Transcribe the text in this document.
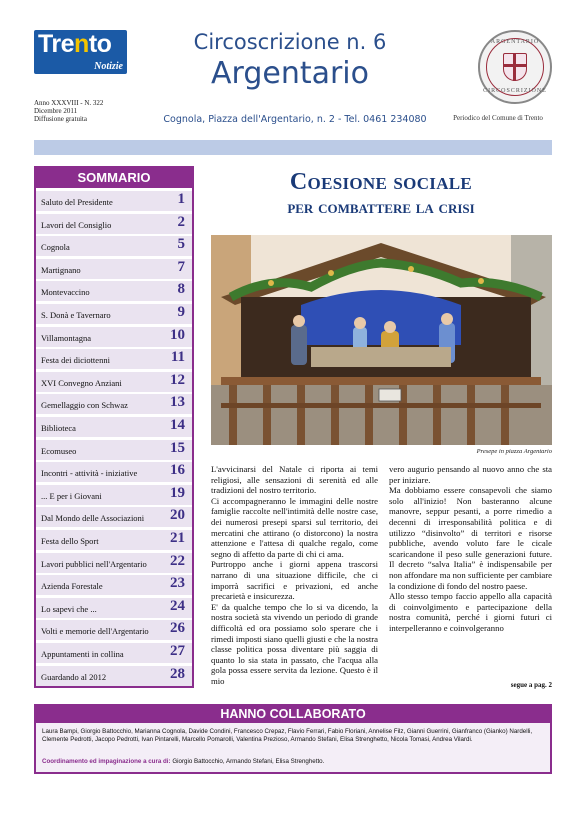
Trento
Notizie
Anno XXXVIII - N. 322
Dicembre 2011
Diffusione gratuita
Circoscrizione n. 6
Argentario
Cognola, Piazza dell'Argentario, n. 2 - Tel. 0461 234080
ARGENTARIO
CIRCOSCRIZIONE
Periodico del Comune di Trento
SOMMARIO
Saluto del Presidente	1
Lavori del Consiglio	2
Cognola	5
Martignano	7
Montevaccino	8
S. Donà e Tavernaro	9
Villamontagna	10
Festa dei diciottenni	11
XVI Convegno Anziani	12
Gemellaggio con Schwaz	13
Biblioteca	14
Ecomuseo	15
Incontri - attività - iniziative 16
... E per i Giovani	19
Dal Mondo delle Associazioni 20
Festa dello Sport	21
Lavori pubblici nell'Argentario 22
Azienda Forestale	23
Lo sapevi che ...	24
Volti e memorie dell'Argentario 26
Appuntamenti in collina	27
Guardando al 2012	28
Coesione sociale
per combattere la crisi
Presepe in piazza Argentario

L'avvicinarsi del Natale ci riporta ai temi religiosi, alle sensazioni di serenità ed alle tradizioni del nostro territorio.

Ci accompagneranno le immagini delle nostre famiglie raccolte nell'intimità delle nostre case, dei numerosi presepi sparsi sul territorio, dei mercatini che attirano (o distorcono) la nostra attenzione e l'attesa di qualche regalo, come segno di affetto da parte di chi ci ama.

Purtroppo anche i giorni appena trascorsi narrano di una situazione difficile, che ci imporrà sacrifici e privazioni, ed anche precarietà e insicurezza.

E' da qualche tempo che lo si va dicendo, la nostra società sta vivendo un periodo di grande difficoltà ed ora possiamo solo sperare che i rimedi imposti siano quelli giusti e che la nostra classe politica possa diventare più saggia di quanto lo sia stata in passato, che l'acqua alla gola possa essere servita da lezione. Questo è il mio

vero augurio pensando al nuovo anno che sta per iniziare.

Ma dobbiamo essere consapevoli che siamo solo all'inizio! Non basteranno alcune manovre, seppur pesanti, a porre rimedio a decenni di irresponsabilità politica e di utilizzo “disinvolto” di territori e risorse pubbliche, avendo voluto fare le cicale scaricandone il peso sulle generazioni future. Il decreto “salva Italia” è indispensabile per non affondare ma non sufficiente per cambiare la condizione di fondo del nostro paese.

Allo stesso tempo faccio appello alla capacità di coinvolgimento e partecipazione della nostra comunità, perché i giorni futuri ci interpelleranno e coinvolgeranno

segue a pag. 2
HANNO COLLABORATO
Laura Bampi, Giorgio Battocchio, Marianna Cognola, Davide Condini, Francesco Crepaz, Flavio Ferrari, Fabio Floriani, Annelise Filz, Gianni Guerrini, Gianfranco (Gianko) Nardelli, Clemente Pedrotti, Jacopo Pedrotti, Ivan Pintarelli, Marcello Pomarolli, Valentina Prezioso, Armando Stefani, Elisa Strenghetto, Nicola Tomasi, Andrea Vilardi.
Coordinamento ed impaginazione a cura di: Giorgio Battocchio, Armando Stefani, Elisa Strenghetto.
